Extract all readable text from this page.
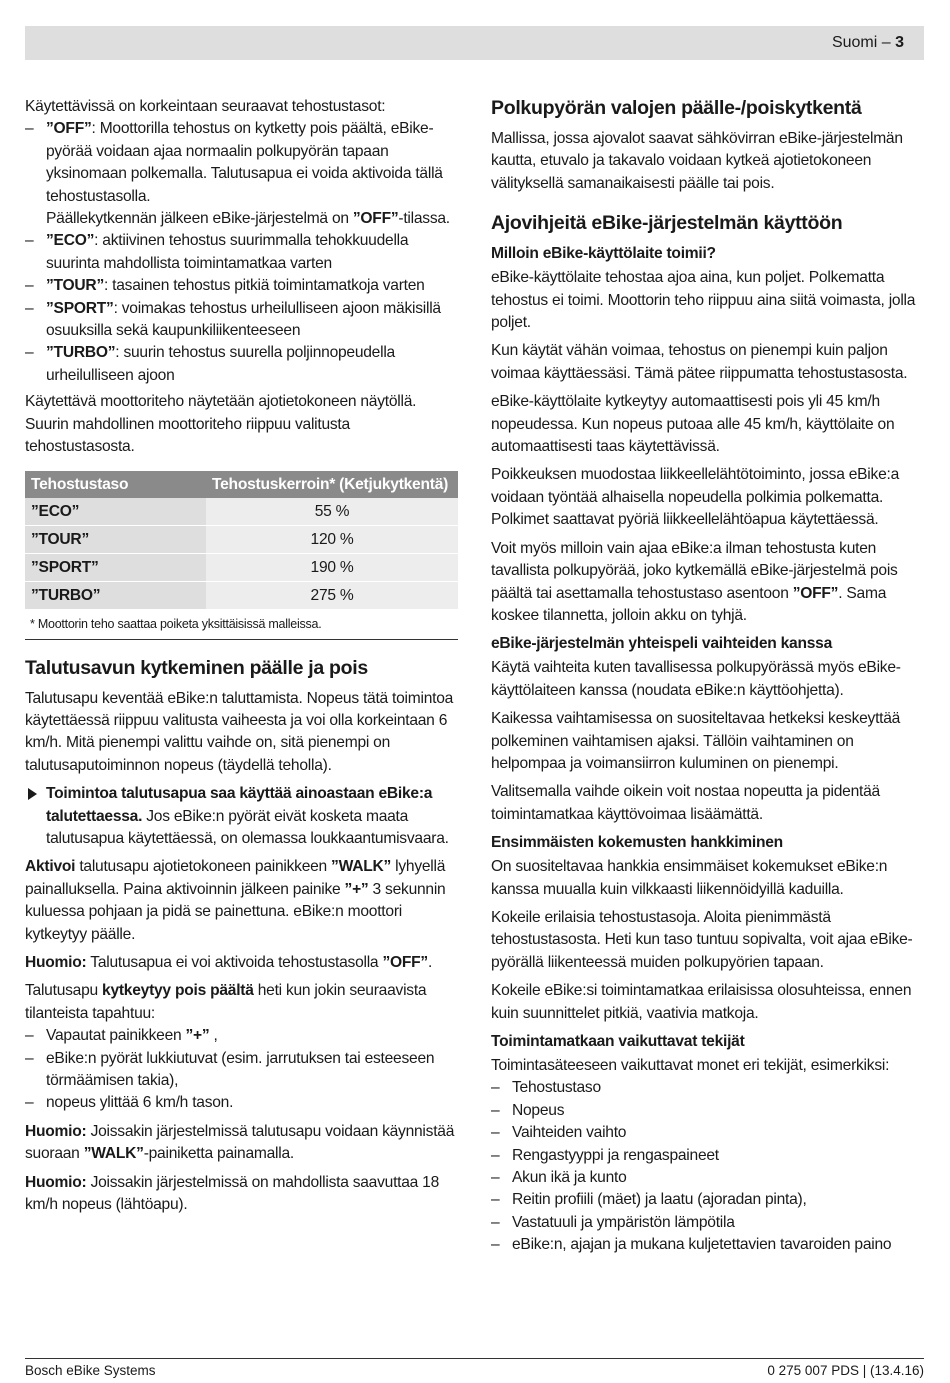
Suomi – 3

Käytettävissä on korkeintaan seuraavat tehostustasot:

– ”OFF”: Moottorilla tehostus on kytketty pois päältä, eBike-pyörää voidaan ajaa normaalin polkupyörän tapaan yksinomaan polkemalla. Talutusapua ei voida aktivoida tällä tehostustasolla.

Päällekytkennän jälkeen eBike-järjestelmä on ”OFF”-tilassa.

– ”ECO”: aktiivinen tehostus suurimmalla tehokkuudella suurinta mahdollista toimintamatkaa varten

– ”TOUR”: tasainen tehostus pitkiä toimintamatkoja varten

– ”SPORT”: voimakas tehostus urheilulliseen ajoon mäkisillä osuuksilla sekä kaupunkiliikenteeseen

– ”TURBO”: suurin tehostus suurella poljinnopeudella urheilulliseen ajoon

Käytettävä moottoriteho näytetään ajotietokoneen näytöllä. Suurin mahdollinen moottoriteho riippuu valitusta tehostustasosta.

Tehostustaso	Tehostuskerroin* (Ketjukytkentä)
”ECO”	55 %
”TOUR”	120 %
”SPORT”	190 %
”TURBO”	275 %
* Moottorin teho saattaa poiketa yksittäisissä malleissa.	
Talutusavun kytkeminen päälle ja pois

Talutusapu keventää eBike:n taluttamista. Nopeus tätä toimintoa käytettäessä riippuu valitusta vaiheesta ja voi olla korkeintaan 6 km/h. Mitä pienempi valittu vaihde on, sitä pienempi on talutusaputoiminnon nopeus (täydellä teholla).

Toimintoa talutusapua saa käyttää ainoastaan eBike:a talutettaessa. Jos eBike:n pyörät eivät kosketa maata talutusapua käytettäessä, on olemassa loukkaantumisvaara.

Aktivoi talutusapu ajotietokoneen painikkeen ”WALK” lyhyellä painalluksella. Paina aktivoinnin jälkeen painike ”+” 3 sekunnin kuluessa pohjaan ja pidä se painettuna. eBike:n moottori kytkeytyy päälle.

Huomio: Talutusapua ei voi aktivoida tehostustasolla ”OFF”.

Talutusapu kytkeytyy pois päältä heti kun jokin seuraavista tilanteista tapahtuu:

– Vapautat painikkeen ”+” ,

– eBike:n pyörät lukkiutuvat (esim. jarrutuksen tai esteeseen törmäämisen takia),

– nopeus ylittää 6 km/h tason.

Huomio: Joissakin järjestelmissä talutusapu voidaan käynnistää suoraan ”WALK”-painiketta painamalla.

Huomio: Joissakin järjestelmissä on mahdollista saavuttaa 18 km/h nopeus (lähtöapu).

Polkupyörän valojen päälle-/poiskytkentä

Mallissa, jossa ajovalot saavat sähkövirran eBike-järjestelmän kautta, etuvalo ja takavalo voidaan kytkeä ajotietokoneen välityksellä samanaikaisesti päälle tai pois.

Ajovihjeitä eBike-järjestelmän käyttöön
Milloin eBike-käyttölaite toimii?

eBike-käyttölaite tehostaa ajoa aina, kun poljet. Polkematta tehostus ei toimi. Moottorin teho riippuu aina siitä voimasta, jolla poljet.

Kun käytät vähän voimaa, tehostus on pienempi kuin paljon voimaa käyttäessäsi. Tämä pätee riippumatta tehostustasosta.

eBike-käyttölaite kytkeytyy automaattisesti pois yli 45 km/h nopeudessa. Kun nopeus putoaa alle 45 km/h, käyttölaite on automaattisesti taas käytettävissä.

Poikkeuksen muodostaa liikkeellelähtötoiminto, jossa eBike:a voidaan työntää alhaisella nopeudella polkimia polkematta. Polkimet saattavat pyöriä liikkeellelähtöapua käytettäessä.

Voit myös milloin vain ajaa eBike:a ilman tehostusta kuten tavallista polkupyörää, joko kytkemällä eBike-järjestelmä pois päältä tai asettamalla tehostustaso asentoon ”OFF”. Sama koskee tilannetta, jolloin akku on tyhjä.

eBike-järjestelmän yhteispeli vaihteiden kanssa

Käytä vaihteita kuten tavallisessa polkupyörässä myös eBike-käyttölaiteen kanssa (noudata eBike:n käyttöohjetta).

Kaikessa vaihtamisessa on suositeltavaa hetkeksi keskeyttää polkeminen vaihtamisen ajaksi. Tällöin vaihtaminen on helpompaa ja voimansiirron kuluminen on pienempi.

Valitsemalla vaihde oikein voit nostaa nopeutta ja pidentää toimintamatkaa käyttövoimaa lisäämättä.

Ensimmäisten kokemusten hankkiminen

On suositeltavaa hankkia ensimmäiset kokemukset eBike:n kanssa muualla kuin vilkkaasti liikennöidyillä kaduilla.

Kokeile erilaisia tehostustasoja. Aloita pienimmästä tehostustasosta. Heti kun taso tuntuu sopivalta, voit ajaa eBike-pyörällä liikenteessä muiden polkupyörien tapaan.

Kokeile eBike:si toimintamatkaa erilaisissa olosuhteissa, ennen kuin suunnittelet pitkiä, vaativia matkoja.

Toimintamatkaan vaikuttavat tekijät

Toimintasäteeseen vaikuttavat monet eri tekijät, esimerkiksi:

– Tehostustaso

– Nopeus

– Vaihteiden vaihto

– Rengastyyppi ja rengaspaineet

– Akun ikä ja kunto

– Reitin profiili (mäet) ja laatu (ajoradan pinta),

– Vastatuuli ja ympäristön lämpötila

– eBike:n, ajajan ja mukana kuljetettavien tavaroiden paino

Bosch eBike Systems	0 275 007 PDS | (13.4.16)
